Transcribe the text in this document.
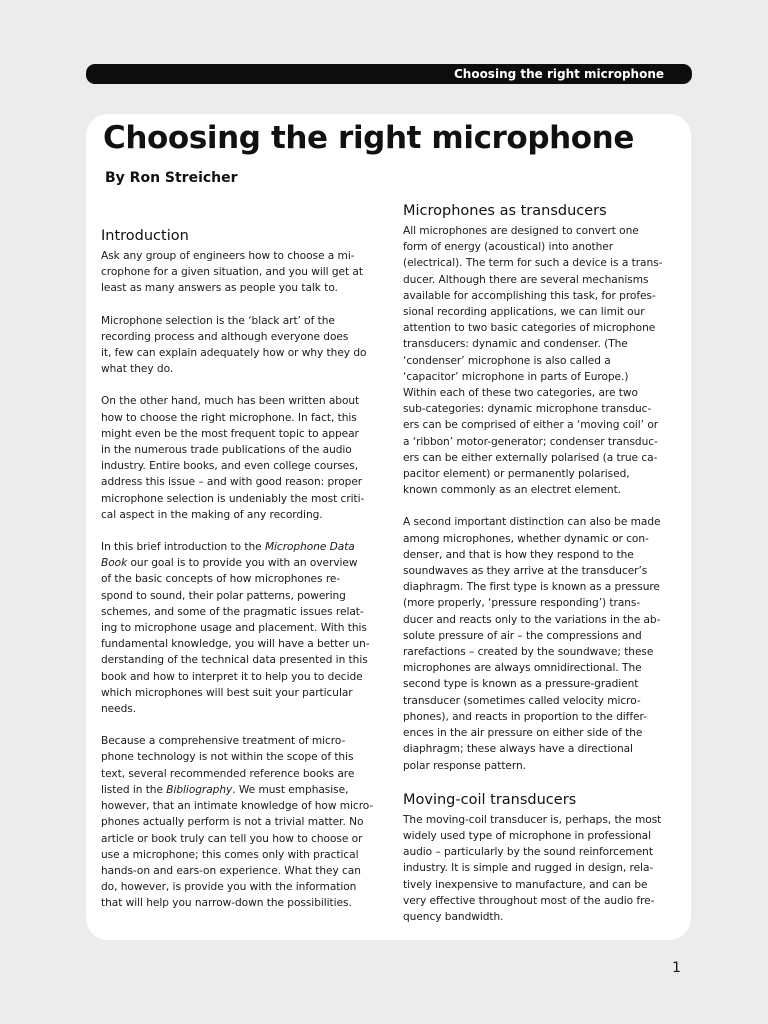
Choosing the right microphone
Choosing the right microphone
By Ron Streicher
Introduction

Ask any group of engineers how to choose a mi-
crophone for a given situation, and you will get at
least as many answers as people you talk to.

Microphone selection is the ‘black art’ of the
recording process and although everyone does
it, few can explain adequately how or why they do
what they do.

On the other hand, much has been written about
how to choose the right microphone. In fact, this
might even be the most frequent topic to appear
in the numerous trade publications of the audio
industry. Entire books, and even college courses,
address this issue – and with good reason: proper
microphone selection is undeniably the most criti-
cal aspect in the making of any recording.

In this brief introduction to the Microphone Data
Book our goal is to provide you with an overview
of the basic concepts of how microphones re-
spond to sound, their polar patterns, powering
schemes, and some of the pragmatic issues relat-
ing to microphone usage and placement. With this
fundamental knowledge, you will have a better un-
derstanding of the technical data presented in this
book and how to interpret it to help you to decide
which microphones will best suit your particular
needs.

Because a comprehensive treatment of micro-
phone technology is not within the scope of this
text, several recommended reference books are
listed in the Bibliography. We must emphasise,
however, that an intimate knowledge of how micro-
phones actually perform is not a trivial matter. No
article or book truly can tell you how to choose or
use a microphone; this comes only with practical
hands-on and ears-on experience. What they can
do, however, is provide you with the information
that will help you narrow-down the possibilities.

Microphones as transducers

All microphones are designed to convert one
form of energy (acoustical) into another
(electrical). The term for such a device is a trans-
ducer. Although there are several mechanisms
available for accomplishing this task, for profes-
sional recording applications, we can limit our
attention to two basic categories of microphone
transducers: dynamic and condenser. (The
‘condenser’ microphone is also called a
‘capacitor’ microphone in parts of Europe.)
Within each of these two categories, are two
sub-categories: dynamic microphone transduc-
ers can be comprised of either a ‘moving coil’ or
a ‘ribbon’ motor-generator; condenser transduc-
ers can be either externally polarised (a true ca-
pacitor element) or permanently polarised,
known commonly as an electret element.

A second important distinction can also be made
among microphones, whether dynamic or con-
denser, and that is how they respond to the
soundwaves as they arrive at the transducer’s
diaphragm. The first type is known as a pressure
(more properly, ‘pressure responding’) trans-
ducer and reacts only to the variations in the ab-
solute pressure of air – the compressions and
rarefactions – created by the soundwave; these
microphones are always omnidirectional. The
second type is known as a pressure-gradient
transducer (sometimes called velocity micro-
phones), and reacts in proportion to the differ-
ences in the air pressure on either side of the
diaphragm; these always have a directional
polar response pattern.

Moving-coil transducers

The moving-coil transducer is, perhaps, the most
widely used type of microphone in professional
audio – particularly by the sound reinforcement
industry. It is simple and rugged in design, rela-
tively inexpensive to manufacture, and can be
very effective throughout most of the audio fre-
quency bandwidth.

1
